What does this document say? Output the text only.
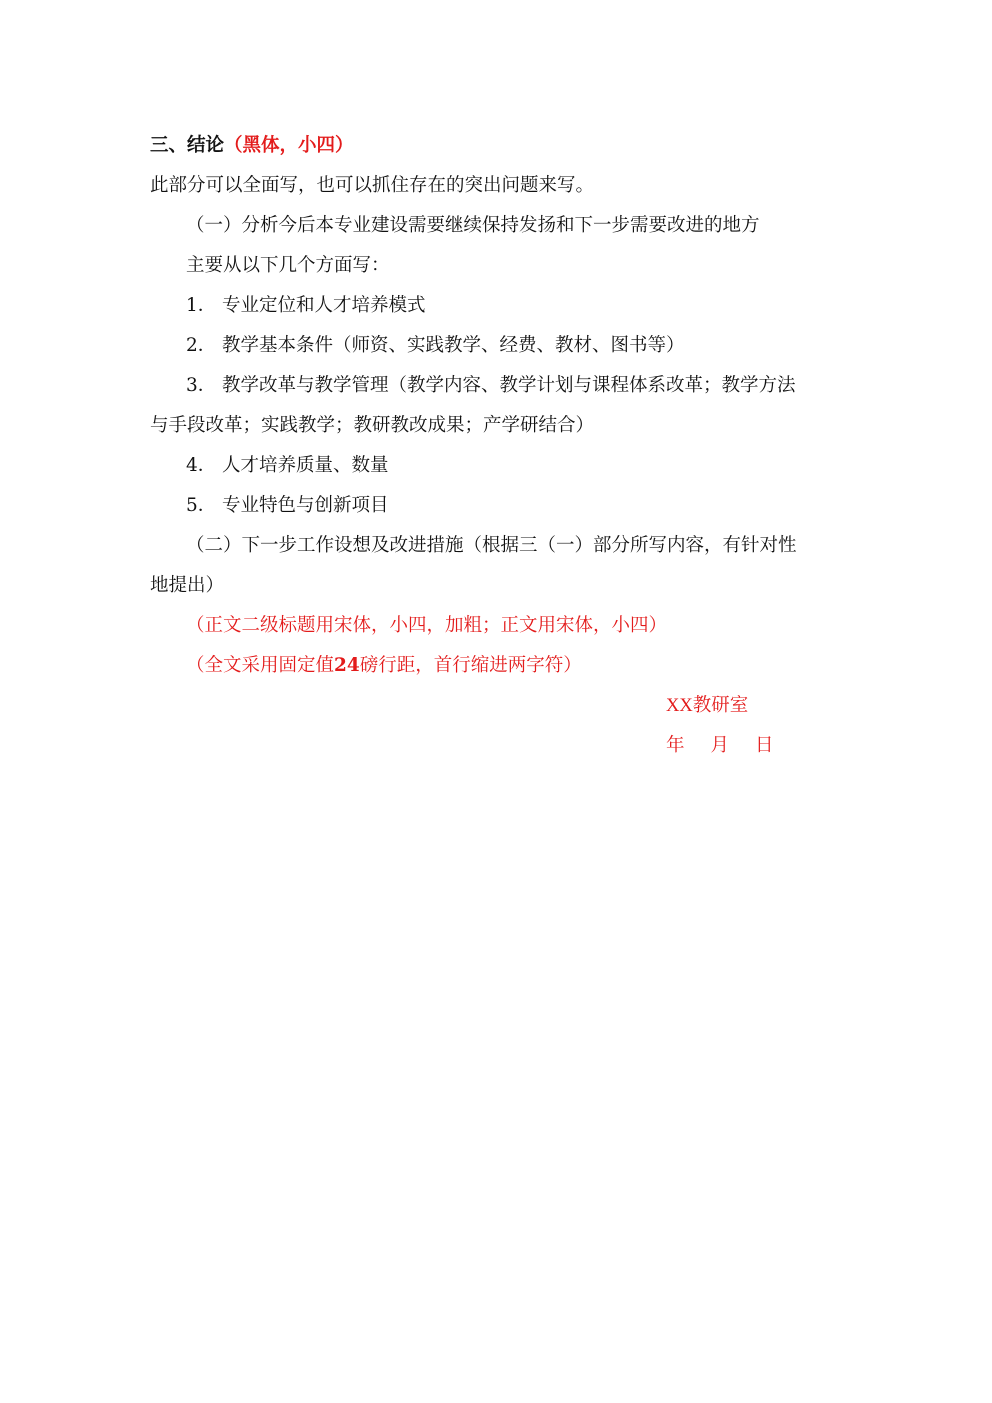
三、结论（黑体，小四）
此部分可以全面写，也可以抓住存在的突出问题来写。
（一）分析今后本专业建设需要继续保持发扬和下一步需要改进的地方
主要从以下几个方面写：
1． 专业定位和人才培养模式
2． 教学基本条件（师资、实践教学、经费、教材、图书等）
3． 教学改革与教学管理（教学内容、教学计划与课程体系改革；教学方法
与手段改革；实践教学；教研教改成果；产学研结合）
4． 人才培养质量、数量
5． 专业特色与创新项目
（二）下一步工作设想及改进措施（根据三（一）部分所写内容，有针对性
地提出）
（正文二级标题用宋体，小四，加粗；正文用宋体，小四）
（全文采用固定值24磅行距，首行缩进两字符）
XX教研室
年 月 日
